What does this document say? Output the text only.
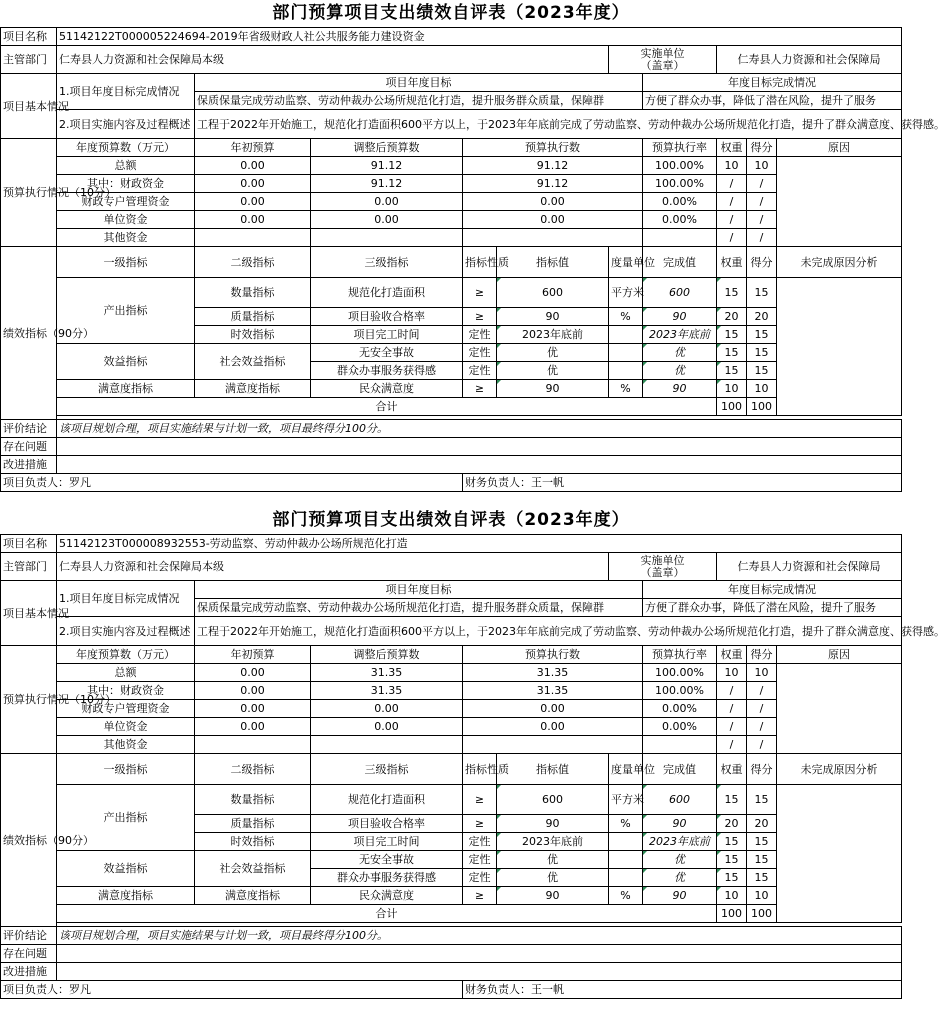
部门预算项目支出绩效自评表（2023年度）											
项目名称	51142122T000005224694-2019年省级财政人社公共服务能力建设资金										
主管部门	仁寿县人力资源和社会保障局本级					实施单位
（盖章）		仁寿县人力资源和社会保障局			
项目基本情况	1.项目年度目标完成情况	项目年度目标					年度目标完成情况				
		保质保量完成劳动监察、劳动仲裁办公场所规范化打造，提升服务群众质量，保障群					方便了群众办事，降低了潜在风险，提升了服务				
	2.项目实施内容及过程概述	工程于2022年开始施工，规范化打造面积600平方以上，于2023年年底前完成了劳动监察、劳动仲裁办公场所规范化打造，提升了群众满意度、获得感。									
预算执行情况（10分）	年度预算数（万元）	年初预算	调整后预算数	预算执行数			预算执行率	权重	得分	原因	
	总额	0.00	91.12	91.12			100.00%	10	10		
	其中：财政资金	0.00	91.12	91.12			100.00%	/	/		
	财政专户管理资金	0.00	0.00	0.00			0.00%	/	/		
	单位资金	0.00	0.00	0.00			0.00%	/	/		
	其他资金							/	/		
绩效指标（90分）	一级指标	二级指标	三级指标	指标性质	指标值	度量单位	完成值	权重	得分	未完成原因分析	
	产出指标	数量指标	规范化打造面积	≥	600	平方米	600	15	15		
		质量指标	项目验收合格率	≥	90	%	90	20	20		
		时效指标	项目完工时间	定性	2023年底前		2023年底前	15	15		
	效益指标	社会效益指标	无安全事故	定性	优		优	15	15		
			群众办事服务获得感	定性	优		优	15	15		
	满意度指标	满意度指标	民众满意度	≥	90	%	90	10	10		
	合计							100	100		

评价结论	该项目规划合理，项目实施结果与计划一致，项目最终得分100分。										
存在问题											
改进措施											
项目负责人：罗凡				财务负责人：王一帆							
部门预算项目支出绩效自评表（2023年度）											
项目名称	51142123T000008932553-劳动监察、劳动仲裁办公场所规范化打造										
主管部门	仁寿县人力资源和社会保障局本级					实施单位
（盖章）		仁寿县人力资源和社会保障局			
项目基本情况	1.项目年度目标完成情况	项目年度目标					年度目标完成情况				
		保质保量完成劳动监察、劳动仲裁办公场所规范化打造，提升服务群众质量，保障群					方便了群众办事，降低了潜在风险，提升了服务				
	2.项目实施内容及过程概述	工程于2022年开始施工，规范化打造面积600平方以上，于2023年年底前完成了劳动监察、劳动仲裁办公场所规范化打造，提升了群众满意度、获得感。									
预算执行情况（10分）	年度预算数（万元）	年初预算	调整后预算数	预算执行数			预算执行率	权重	得分	原因	
	总额	0.00	31.35	31.35			100.00%	10	10		
	其中：财政资金	0.00	31.35	31.35			100.00%	/	/		
	财政专户管理资金	0.00	0.00	0.00			0.00%	/	/		
	单位资金	0.00	0.00	0.00			0.00%	/	/		
	其他资金							/	/		
绩效指标（90分）	一级指标	二级指标	三级指标	指标性质	指标值	度量单位	完成值	权重	得分	未完成原因分析	
	产出指标	数量指标	规范化打造面积	≥	600	平方米	600	15	15		
		质量指标	项目验收合格率	≥	90	%	90	20	20		
		时效指标	项目完工时间	定性	2023年底前		2023年底前	15	15		
	效益指标	社会效益指标	无安全事故	定性	优		优	15	15		
			群众办事服务获得感	定性	优		优	15	15		
	满意度指标	满意度指标	民众满意度	≥	90	%	90	10	10		
	合计							100	100		

评价结论	该项目规划合理，项目实施结果与计划一致，项目最终得分100分。										
存在问题											
改进措施											
项目负责人：罗凡				财务负责人：王一帆							
